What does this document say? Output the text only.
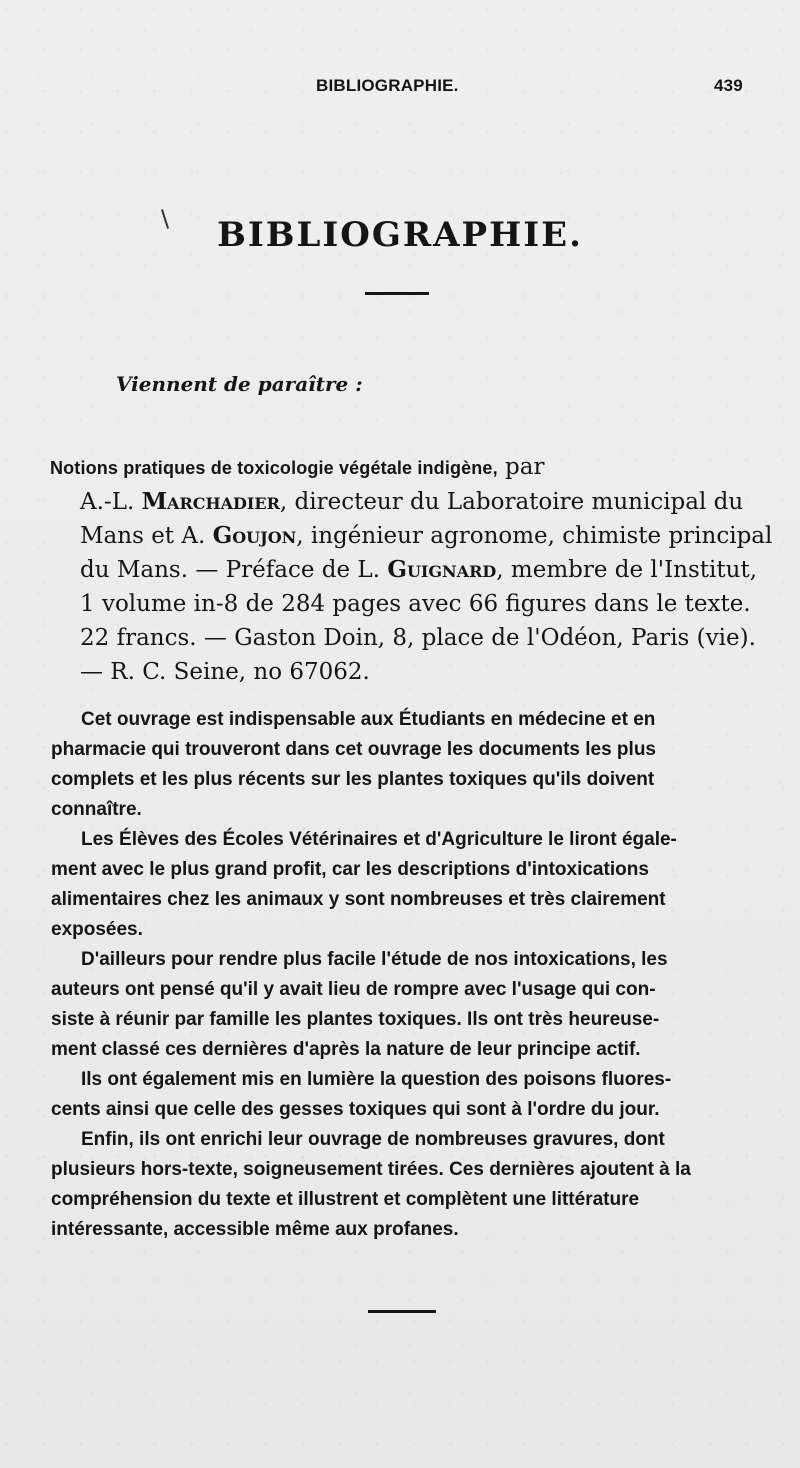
BIBLIOGRAPHIE.	439
BIBLIOGRAPHIE.
Viennent de paraître :
Notions pratiques de toxicologie végétale indigène, par
A.-L. Marchadier, directeur du Laboratoire municipal du
Mans et A. Goujon, ingénieur agronome, chimiste principal
du Mans. — Préface de L. Guignard, membre de l'Institut,
1 volume in-8 de 284 pages avec 66 figures dans le texte.
22 francs. — Gaston Doin, 8, place de l'Odéon, Paris (vie).
— R. C. Seine, no 67062.

Cet ouvrage est indispensable aux Étudiants en médecine et en
pharmacie qui trouveront dans cet ouvrage les documents les plus
complets et les plus récents sur les plantes toxiques qu'ils doivent
connaître.

Les Élèves des Écoles Vétérinaires et d'Agriculture le liront égale-
ment avec le plus grand profit, car les descriptions d'intoxications
alimentaires chez les animaux y sont nombreuses et très clairement
exposées.

D'ailleurs pour rendre plus facile l'étude de nos intoxications, les
auteurs ont pensé qu'il y avait lieu de rompre avec l'usage qui con-
siste à réunir par famille les plantes toxiques. Ils ont très heureuse-
ment classé ces dernières d'après la nature de leur principe actif.

Ils ont également mis en lumière la question des poisons fluores-
cents ainsi que celle des gesses toxiques qui sont à l'ordre du jour.

Enfin, ils ont enrichi leur ouvrage de nombreuses gravures, dont
plusieurs hors-texte, soigneusement tirées. Ces dernières ajoutent à la
compréhension du texte et illustrent et complètent une littérature
intéressante, accessible même aux profanes.
